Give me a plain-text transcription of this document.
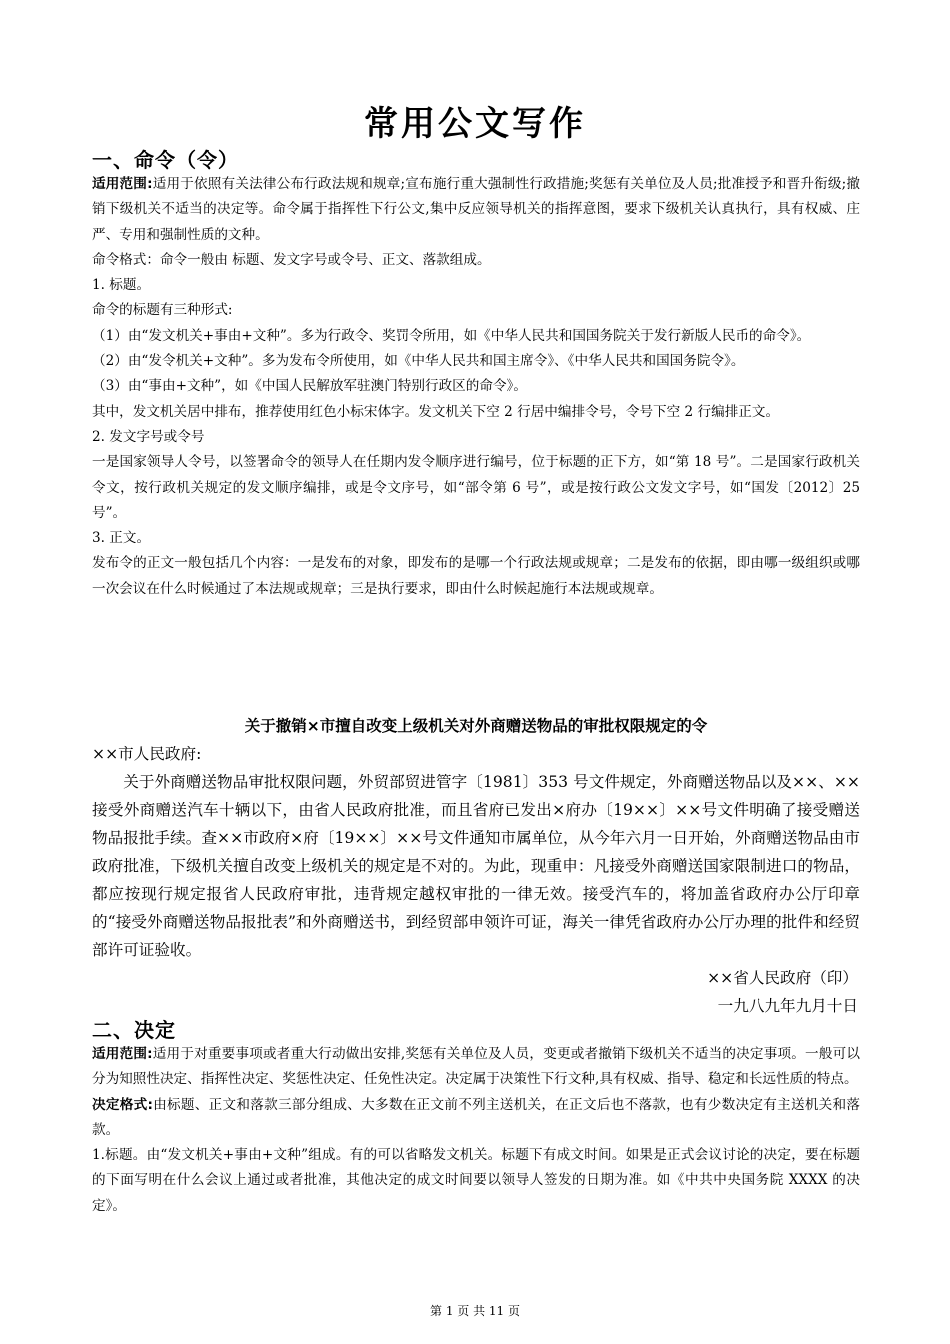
常用公文写作
一、命令（令）

适用范围:适用于依照有关法律公布行政法规和规章;宣布施行重大强制性行政措施;奖惩有关单位及人员;批准授予和晋升衔级;撤销下级机关不适当的决定等。命令属于指挥性下行公文,集中反应领导机关的指挥意图，要求下级机关认真执行，具有权威、庄严、专用和强制性质的文种。

命令格式：命令一般由 标题、发文字号或令号、正文、落款组成。

1. 标题。

命令的标题有三种形式:

（1）由“发文机关+事由+文种”。多为行政令、奖罚令所用，如《中华人民共和国国务院关于发行新版人民币的命令》。

（2）由“发令机关+文种”。多为发布令所使用，如《中华人民共和国主席令》、《中华人民共和国国务院令》。

（3）由“事由+文种”，如《中国人民解放军驻澳门特别行政区的命令》。

其中，发文机关居中排布，推荐使用红色小标宋体字。发文机关下空 2 行居中编排令号，令号下空 2 行编排正文。

2. 发文字号或令号

一是国家领导人令号，以签署命令的领导人在任期内发令顺序进行编号，位于标题的正下方，如“第 18 号”。二是国家行政机关令文，按行政机关规定的发文顺序编排，或是令文序号，如“部令第 6 号”，或是按行政公文发文字号，如“国发〔2012〕25 号”。

3. 正文。

发布令的正文一般包括几个内容：一是发布的对象，即发布的是哪一个行政法规或规章；二是发布的依据，即由哪一级组织或哪一次会议在什么时候通过了本法规或规章；三是执行要求，即由什么时候起施行本法规或规章。

关于撤销×市擅自改变上级机关对外商赠送物品的审批权限规定的令

××市人民政府:

关于外商赠送物品审批权限问题，外贸部贸进管字〔1981〕353 号文件规定，外商赠送物品以及××、××接受外商赠送汽车十辆以下，由省人民政府批准，而且省府已发出×府办〔19××〕××号文件明确了接受赠送物品报批手续。查××市政府×府〔19××〕××号文件通知市属单位，从今年六月一日开始，外商赠送物品由市政府批准，下级机关擅自改变上级机关的规定是不对的。为此，现重申：凡接受外商赠送国家限制进口的物品，都应按现行规定报省人民政府审批，违背规定越权审批的一律无效。接受汽车的，将加盖省政府办公厅印章的“接受外商赠送物品报批表”和外商赠送书，到经贸部申领许可证，海关一律凭省政府办公厅办理的批件和经贸部许可证验收。

××省人民政府（印）

一九八九年九月十日

二、决定

适用范围:适用于对重要事项或者重大行动做出安排,奖惩有关单位及人员，变更或者撤销下级机关不适当的决定事项。一般可以分为知照性决定、指挥性决定、奖惩性决定、任免性决定。决定属于决策性下行文种,具有权威、指导、稳定和长远性质的特点。

决定格式:由标题、正文和落款三部分组成、大多数在正文前不列主送机关，在正文后也不落款，也有少数决定有主送机关和落款。

1.标题。由“发文机关+事由+文种”组成。有的可以省略发文机关。标题下有成文时间。如果是正式会议讨论的决定，要在标题的下面写明在什么会议上通过或者批准，其他决定的成文时间要以领导人签发的日期为准。如《中共中央国务院 XXXX 的决定》。

第 1 页 共 11 页
